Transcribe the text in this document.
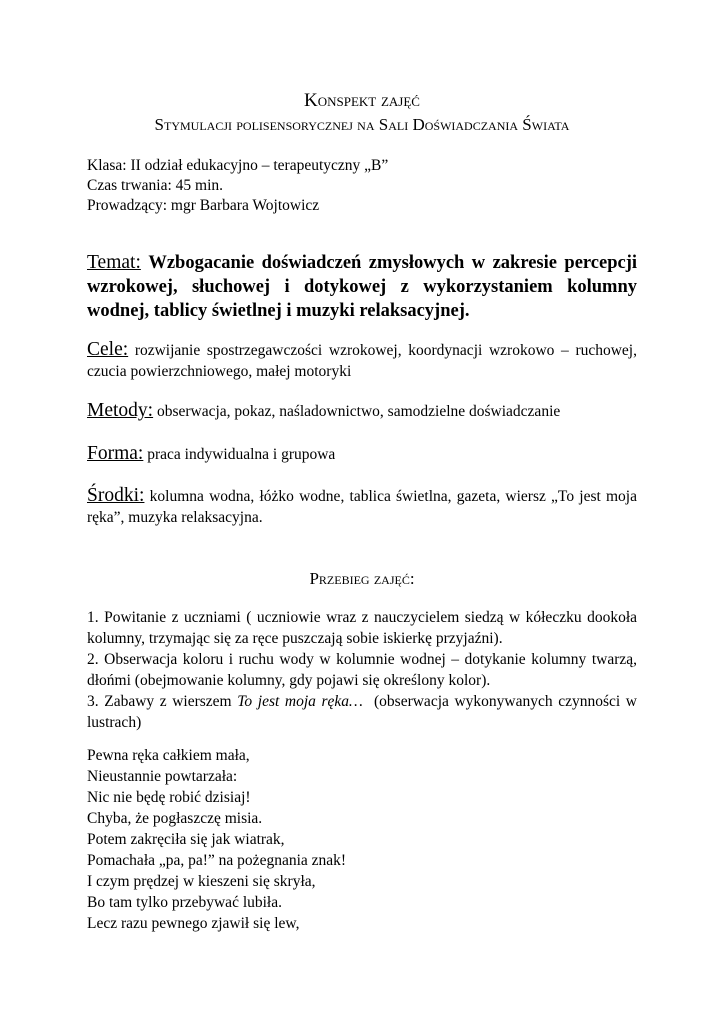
Konspekt zajęć
Stymulacji polisensorycznej na Sali Doświadczania Świata
Klasa: II odział edukacyjno – terapeutyczny „B”
Czas trwania: 45 min.
Prowadzący: mgr Barbara Wojtowicz
Temat: Wzbogacanie doświadczeń zmysłowych w zakresie percepcji wzrokowej, słuchowej i dotykowej z wykorzystaniem kolumny wodnej, tablicy świetlnej i muzyki relaksacyjnej.
Cele: rozwijanie spostrzegawczości wzrokowej, koordynacji wzrokowo – ruchowej, czucia powierzchniowego, małej motoryki
Metody: obserwacja, pokaz, naśladownictwo, samodzielne doświadczanie
Forma: praca indywidualna i grupowa
Środki: kolumna wodna, łóżko wodne, tablica świetlna, gazeta, wiersz „To jest moja ręka”, muzyka relaksacyjna.
Przebieg zajęć:

1. Powitanie z uczniami ( uczniowie wraz z nauczycielem siedzą w kółeczku dookoła kolumny, trzymając się za ręce puszczają sobie iskierkę przyjaźni).

2. Obserwacja koloru i ruchu wody w kolumnie wodnej – dotykanie kolumny twarzą, dłońmi (obejmowanie kolumny, gdy pojawi się określony kolor).

3. Zabawy z wierszem To jest moja ręka…  (obserwacja wykonywanych czynności w lustrach)

Pewna ręka całkiem mała,
Nieustannie powtarzała:
Nic nie będę robić dzisiaj!
Chyba, że pogłaszczę misia.
Potem zakręciła się jak wiatrak,
Pomachała „pa, pa!” na pożegnania znak!
I czym prędzej w kieszeni się skryła,
Bo tam tylko przebywać lubiła.
Lecz razu pewnego zjawił się lew,
